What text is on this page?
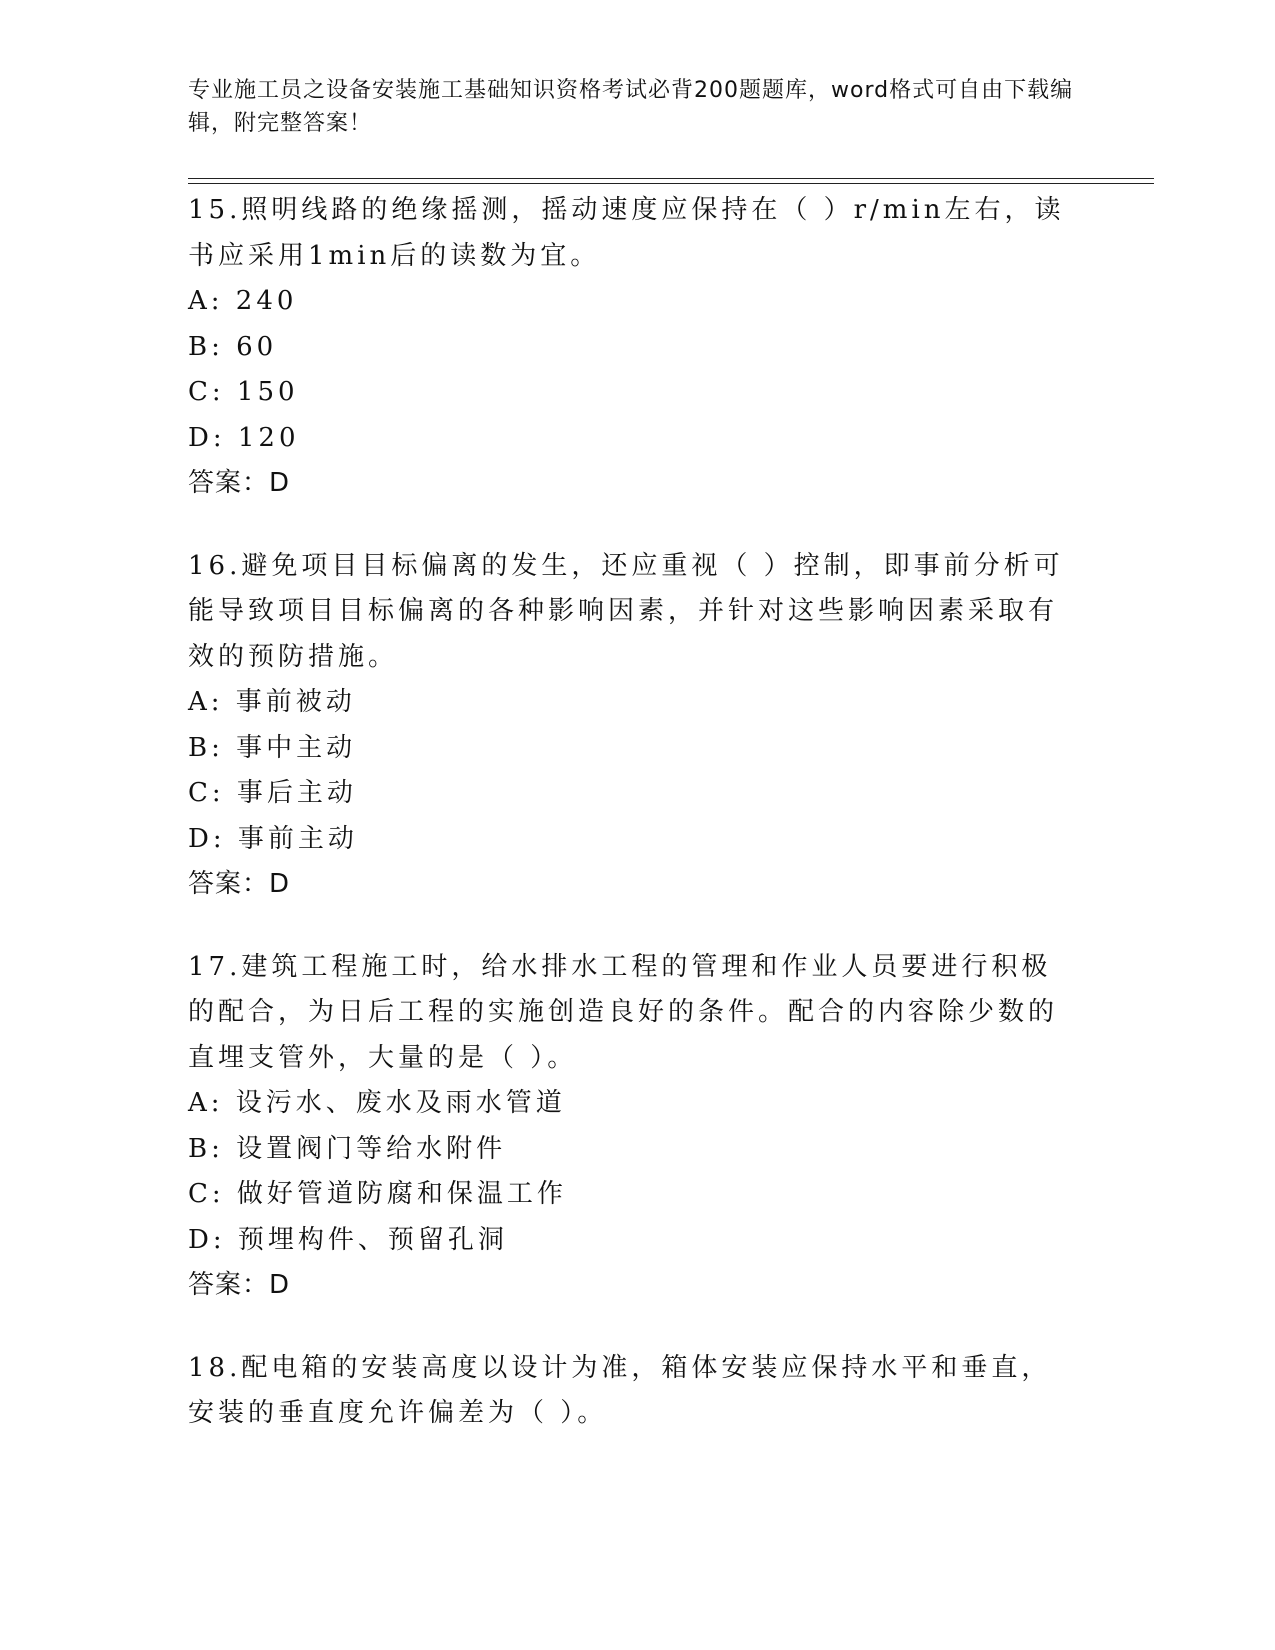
专业施工员之设备安装施工基础知识资格考试必背200题题库，word格式可自由下载编辑，附完整答案！
15.照明线路的绝缘摇测，摇动速度应保持在（ ）r/min左右，读书应采用1min后的读数为宜。
A: 240
B: 60
C: 150
D: 120
答案：D
16.避免项目目标偏离的发生，还应重视（ ）控制，即事前分析可能导致项目目标偏离的各种影响因素，并针对这些影响因素采取有效的预防措施。
A: 事前被动
B: 事中主动
C: 事后主动
D: 事前主动
答案：D
17.建筑工程施工时，给水排水工程的管理和作业人员要进行积极的配合，为日后工程的实施创造良好的条件。配合的内容除少数的直埋支管外，大量的是（ ）。
A: 设污水、废水及雨水管道
B: 设置阀门等给水附件
C: 做好管道防腐和保温工作
D: 预埋构件、预留孔洞
答案：D
18.配电箱的安装高度以设计为准，箱体安装应保持水平和垂直，安装的垂直度允许偏差为（ ）。
